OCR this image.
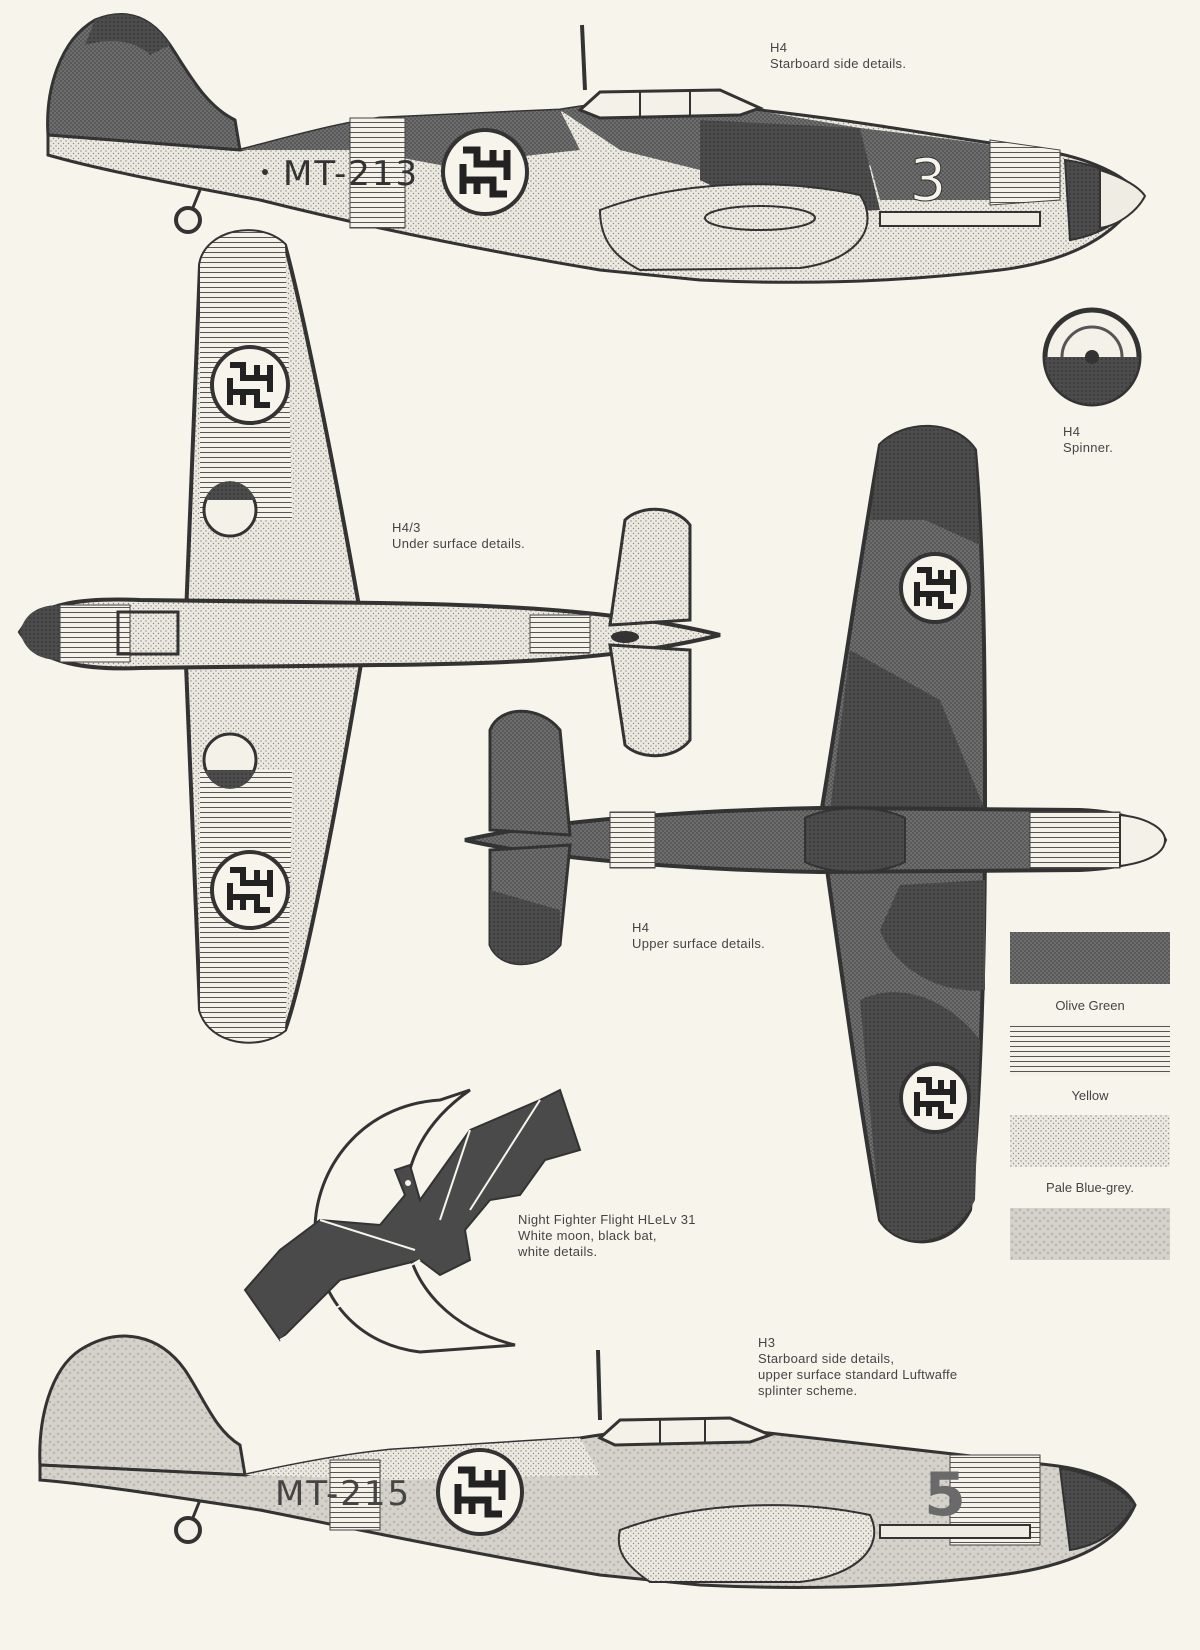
MT-213	3
MT-215	5
H4
Starboard side details.
H4
Spinner.
H4/3
Under surface details.
H4
Upper surface details.
Night Fighter Flight HLeLv 31
White moon, black bat,
white details.
H3
Starboard side details,
upper surface standard Luftwaffe
splinter scheme.
Olive Green
Yellow
Pale Blue-grey.
